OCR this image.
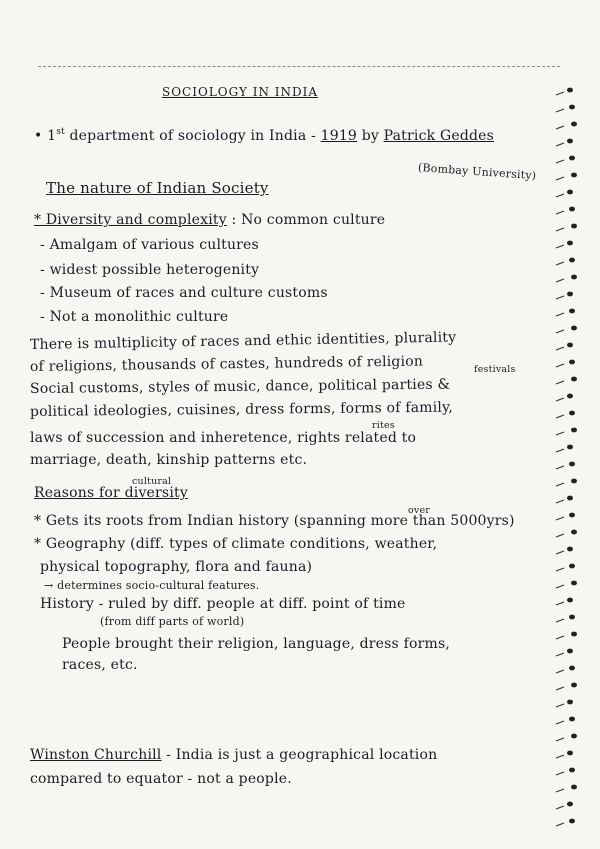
SOCIOLOGY IN INDIA
• 1st department of sociology in India - 1919 by Patrick Geddes
(Bombay University)
The nature of Indian Society
* Diversity and complexity : No common culture
- Amalgam of various cultures
- widest possible heterogenity
- Museum of races and culture customs
- Not a monolithic culture
There is multiplicity of races and ethic identities, plurality
of religions, thousands of castes, hundreds of religion	festivals
Social customs, styles of music, dance, political parties &
political ideologies, cuisines, dress forms, forms of family,
rites
laws of succession and inheretence, rights related to
marriage, death, kinship patterns etc.
cultural
Reasons for diversity
over
* Gets its roots from Indian history (spanning more than 5000yrs)
* Geography (diff. types of climate conditions, weather,
physical topography, flora and fauna)
→ determines socio-cultural features.
History - ruled by diff. people at diff. point of time
(from diff parts of world)
People brought their religion, language, dress forms,
races, etc.
Winston Churchill - India is just a geographical location
compared to equator - not a people.
